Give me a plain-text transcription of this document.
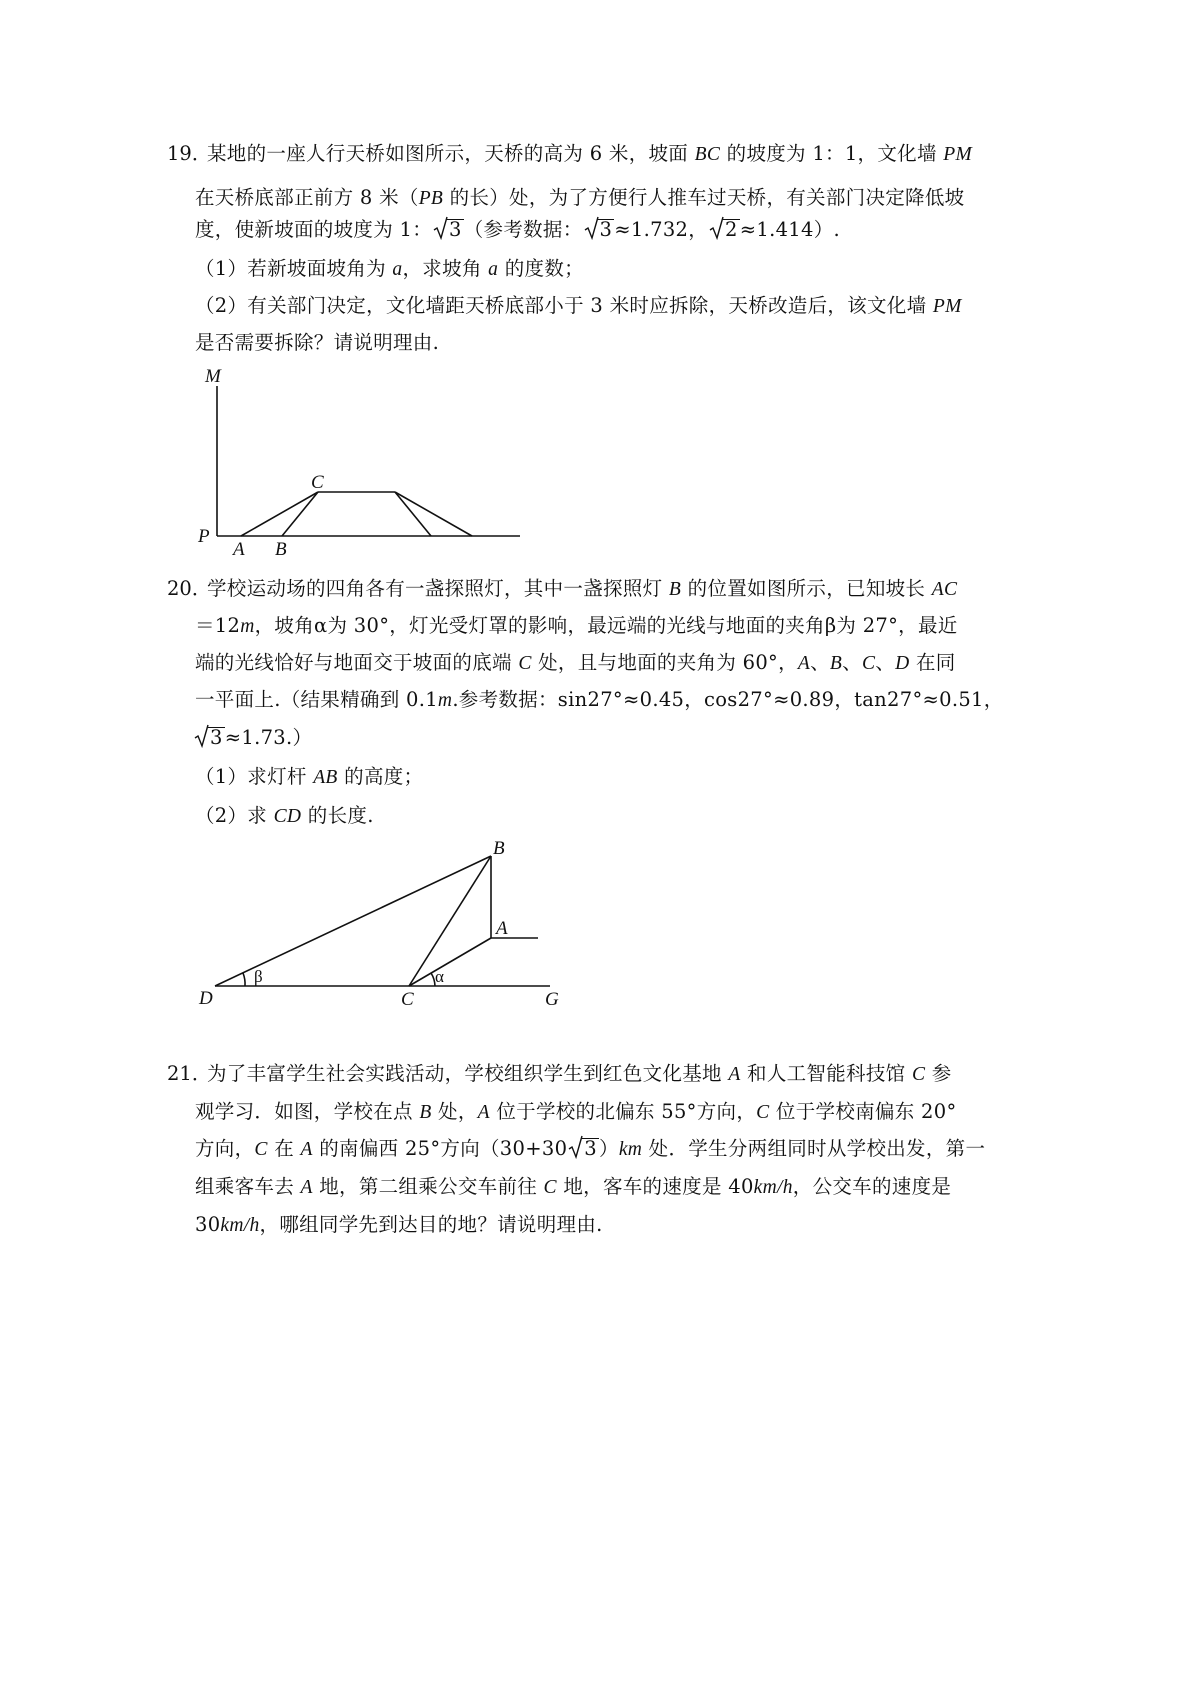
19．
某地的一座人行天桥如图所示，天桥的高为 6 米，坡面 BC 的坡度为 1：1，文化墙 PM
在天桥底部正前方 8 米（PB 的长）处，为了方便行人推车过天桥，有关部门决定降低坡
度，使新坡面的坡度为 1： 3 （参考数据： 3 ≈1.732， 2 ≈1.414）.
（1）若新坡面坡角为 a，求坡角 a 的度数；
（2）有关部门决定，文化墙距天桥底部小于 3 米时应拆除，天桥改造后，该文化墙 PM
是否需要拆除？请说明理由.
M
C
P
A B
20．
学校运动场的四角各有一盏探照灯，其中一盏探照灯 B 的位置如图所示，已知坡长 AC
＝12m，坡角α为 30°，灯光受灯罩的影响，最远端的光线与地面的夹角β为 27°，最近
端的光线恰好与地面交于坡面的底端 C 处，且与地面的夹角为 60°，A、B、C、D 在同
一平面上.（结果精确到 0.1m.参考数据：sin27°≈0.45，cos27°≈0.89，tan27°≈0.51，
3 ≈1.73.）
（1）求灯杆 AB 的高度；
（2）求 CD 的长度.
B
A
D	C	G
β	α
21．
为了丰富学生社会实践活动，学校组织学生到红色文化基地 A 和人工智能科技馆 C 参
观学习．如图，学校在点 B 处，A 位于学校的北偏东 55°方向，C 位于学校南偏东 20°
方向，C 在 A 的南偏西 25°方向（30+30 3 ）km 处．学生分两组同时从学校出发，第一
组乘客车去 A 地，第二组乘公交车前往 C 地，客车的速度是 40km/h，公交车的速度是
30km/h，哪组同学先到达目的地？请说明理由.
